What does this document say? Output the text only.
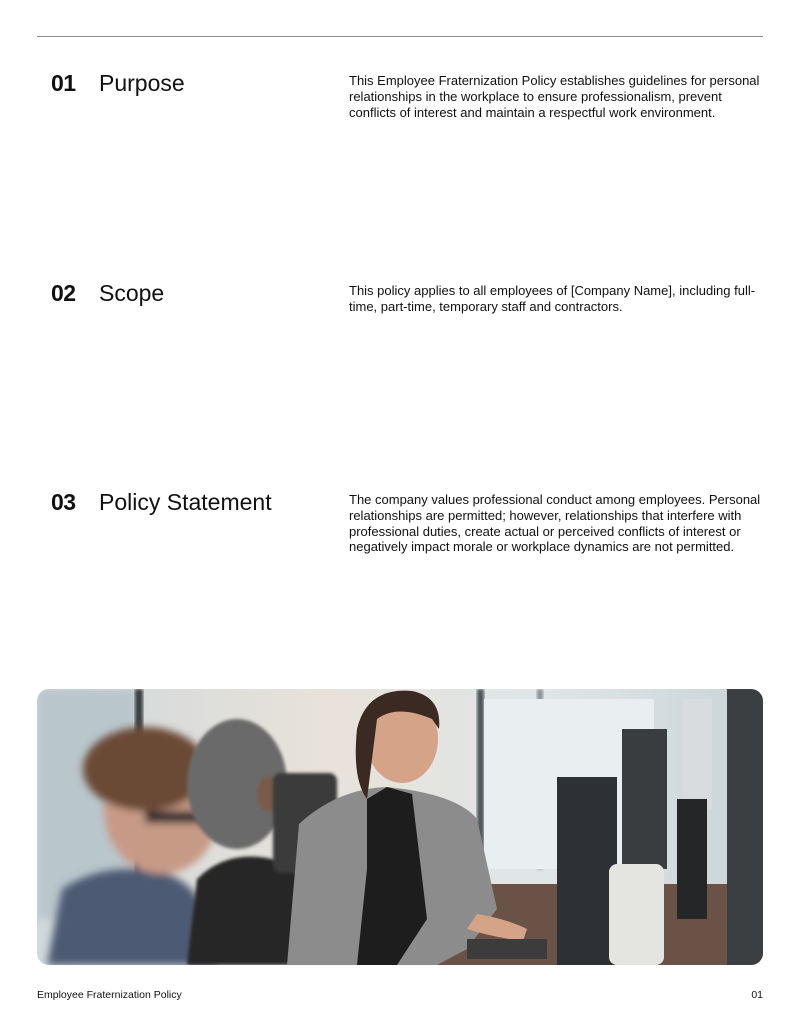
01 Purpose	This Employee Fraternization Policy establishes guidelines for personal relationships in the workplace to ensure professionalism, prevent conflicts of interest and maintain a respectful work environment.
02 Scope	This policy applies to all employees of [Company Name], including full-time, part-time, temporary staff and contractors.
03 Policy Statement	The company values professional conduct among employees. Personal relationships are permitted; however, relationships that interfere with professional duties, create actual or perceived conflicts of interest or negatively impact morale or workplace dynamics are not permitted.
Employee Fraternization Policy	01
